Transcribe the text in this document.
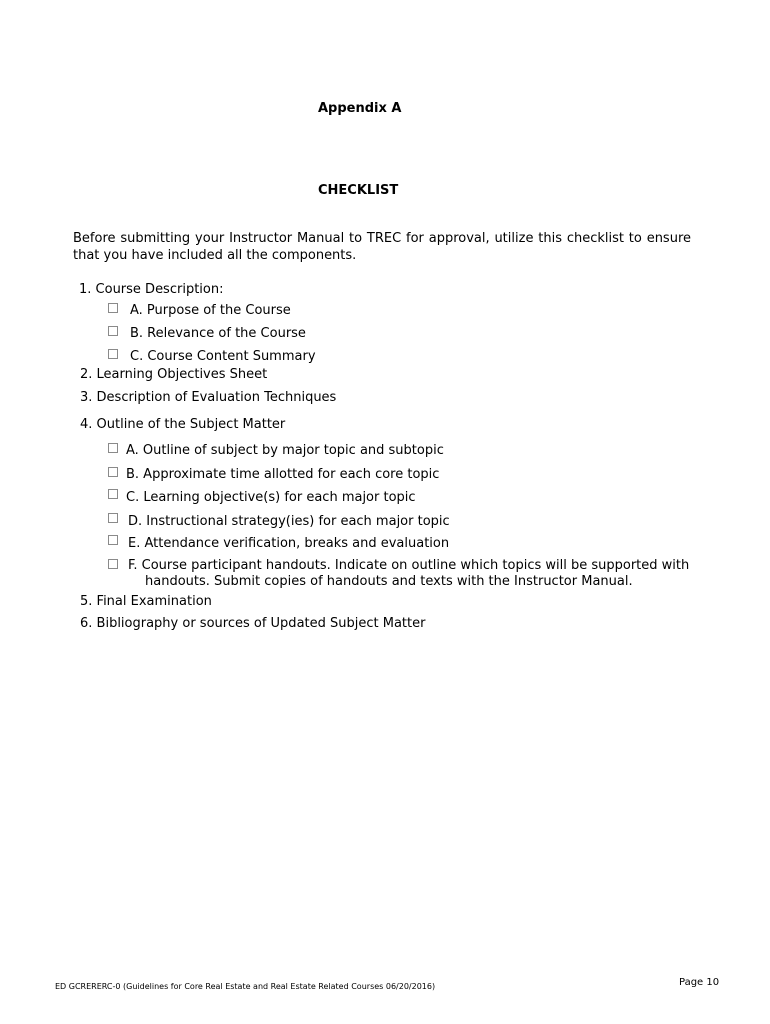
Appendix A
CHECKLIST
Before submitting your Instructor Manual to TREC for approval, utilize this checklist to ensure that you have included all the components.
1. Course Description:
A. Purpose of the Course
B. Relevance of the Course
C. Course Content Summary
2. Learning Objectives Sheet
3. Description of Evaluation Techniques
4. Outline of the Subject Matter
A. Outline of subject by major topic and subtopic
B. Approximate time allotted for each core topic
C. Learning objective(s) for each major topic
D. Instructional strategy(ies) for each major topic
E. Attendance verification, breaks and evaluation
F. Course participant handouts. Indicate on outline which topics will be supported with
handouts. Submit copies of handouts and texts with the Instructor Manual.
5. Final Examination
6. Bibliography or sources of Updated Subject Matter
ED GCRERERC-0 (Guidelines for Core Real Estate and Real Estate Related Courses 06/20/2016)	Page 10
